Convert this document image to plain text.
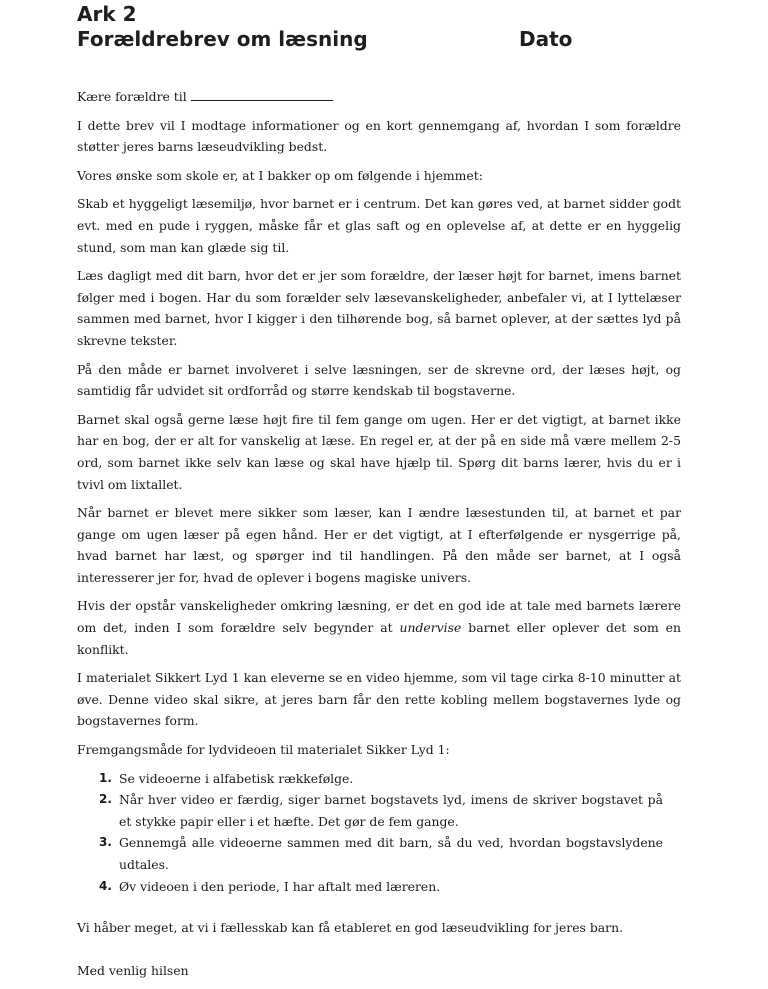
Ark 2
Forældrebrev om læsning	Dato

Kære forældre til

I dette brev vil I modtage informationer og en kort gennemgang af, hvordan I som forældre støtter jeres barns læseudvikling bedst.

Vores ønske som skole er, at I bakker op om følgende i hjemmet:

Skab et hyggeligt læsemiljø, hvor barnet er i centrum. Det kan gøres ved, at barnet sidder godt evt. med en pude i ryggen, måske får et glas saft og en oplevelse af, at dette er en hyggelig stund, som man kan glæde sig til.

Læs dagligt med dit barn, hvor det er jer som forældre, der læser højt for barnet, imens barnet følger med i bogen. Har du som forælder selv læsevanskeligheder, anbefaler vi, at I lyttelæser sammen med barnet, hvor I kigger i den tilhørende bog, så barnet oplever, at der sættes lyd på skrevne tekster.

På den måde er barnet involveret i selve læsningen, ser de skrevne ord, der læses højt, og samtidig får udvidet sit ordforråd og større kendskab til bogstaverne.

Barnet skal også gerne læse højt fire til fem gange om ugen. Her er det vigtigt, at barnet ikke har en bog, der er alt for vanskelig at læse. En regel er, at der på en side må være mellem 2-5 ord, som barnet ikke selv kan læse og skal have hjælp til. Spørg dit barns lærer, hvis du er i tvivl om lixtallet.

Når barnet er blevet mere sikker som læser, kan I ændre læsestunden til, at barnet et par gange om ugen læser på egen hånd. Her er det vigtigt, at I efterfølgende er nysgerrige på, hvad barnet har læst, og spørger ind til handlingen. På den måde ser barnet, at I også interesserer jer for, hvad de oplever i bogens magiske univers.

Hvis der opstår vanskeligheder omkring læsning, er det en god ide at tale med barnets lærere om det, inden I som forældre selv begynder at undervise barnet eller oplever det som en konflikt.

I materialet Sikkert Lyd 1 kan eleverne se en video hjemme, som vil tage cirka 8-10 minutter at øve. Denne video skal sikre, at jeres barn får den rette kobling mellem bogstavernes lyde og bogstavernes form.

Fremgangsmåde for lydvideoen til materialet Sikker Lyd 1:

1. Se videoerne i alfabetisk rækkefølge.
2. Når hver video er færdig, siger barnet bogstavets lyd, imens de skriver bogstavet på et stykke papir eller i et hæfte. Det gør de fem gange.
3. Gennemgå alle videoerne sammen med dit barn, så du ved, hvordan bogstavslydene udtales.
4. Øv videoen i den periode, I har aftalt med læreren.

Vi håber meget, at vi i fællesskab kan få etableret en god læseudvikling for jeres barn.

Med venlig hilsen
